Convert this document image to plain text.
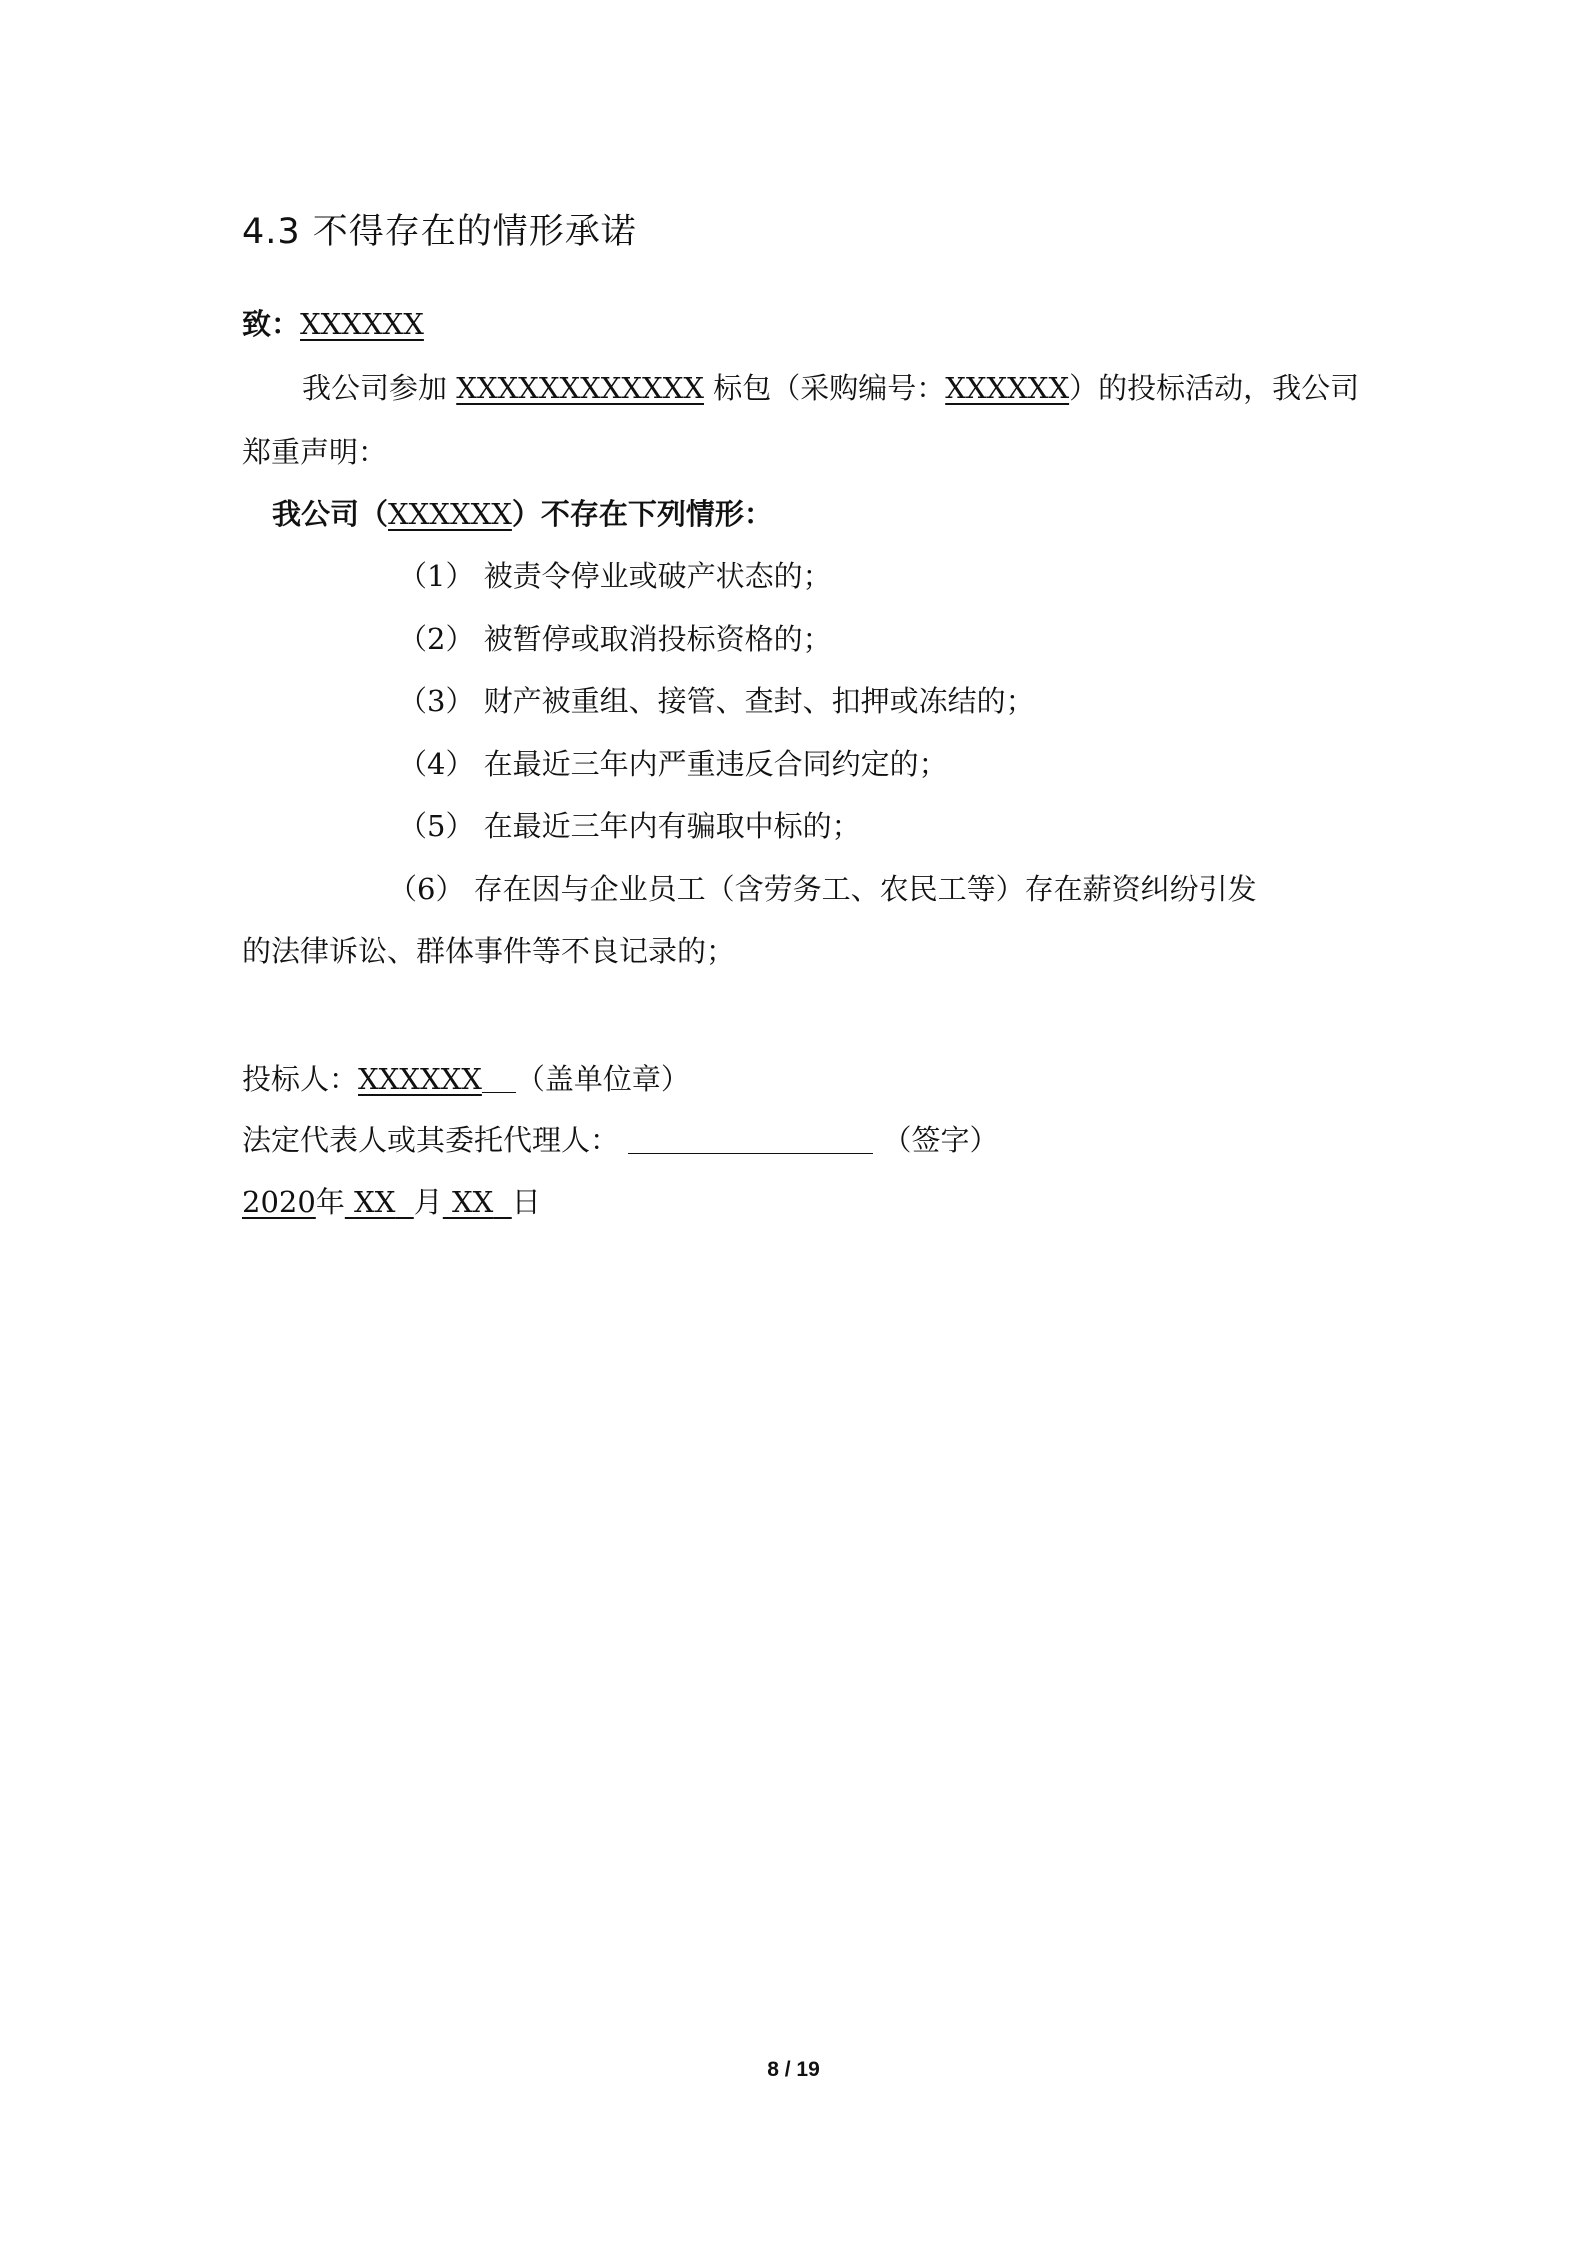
4.3 不得存在的情形承诺
致：XXXXXX
我公司参加 XXXXXXXXXXXX 标包（采购编号：XXXXXX）的投标活动，我公司
郑重声明：
我公司（XXXXXX）不存在下列情形：
（1） 被责令停业或破产状态的；
（2） 被暂停或取消投标资格的；
（3） 财产被重组、接管、查封、扣押或冻结的；
（4） 在最近三年内严重违反合同约定的；
（5） 在最近三年内有骗取中标的；
（6） 存在因与企业员工（含劳务工、农民工等）存在薪资纠纷引发
的法律诉讼、群体事件等不良记录的；
投标人：XXXXXX （盖单位章）
法定代表人或其委托代理人：	（签字）
2020年 XX 月 XX 日
8 / 19
